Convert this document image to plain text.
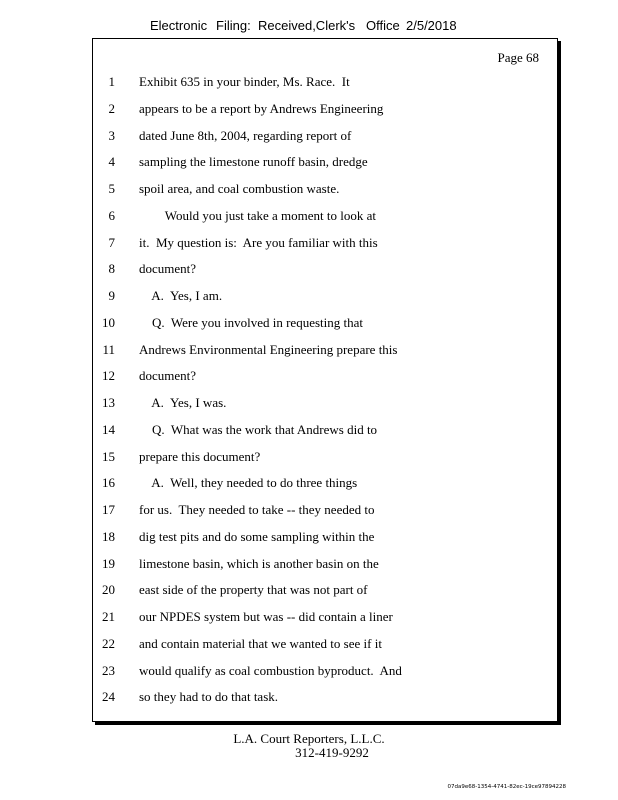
Electronic Filing: Received,Clerk's Office 2/5/2018
Page 68
1 Exhibit 635 in your binder, Ms. Race.  It
2 appears to be a report by Andrews Engineering
3 dated June 8th, 2004, regarding report of
4 sampling the limestone runoff basin, dredge
5 spoil area, and coal combustion waste.
6 Would you just take a moment to look at
7 it.  My question is:  Are you familiar with this
8 document?
9 A.  Yes, I am.
10 Q.  Were you involved in requesting that
11 Andrews Environmental Engineering prepare this
12 document?
13 A.  Yes, I was.
14 Q.  What was the work that Andrews did to
15 prepare this document?
16 A.  Well, they needed to do three things
17 for us.  They needed to take -- they needed to
18 dig test pits and do some sampling within the
19 limestone basin, which is another basin on the
20 east side of the property that was not part of
21 our NPDES system but was -- did contain a liner
22 and contain material that we wanted to see if it
23 would qualify as coal combustion byproduct.  And
24 so they had to do that task.
L.A. Court Reporters, L.L.C.
312-419-9292
07da9e68-1354-4741-82ec-19ce97894228
